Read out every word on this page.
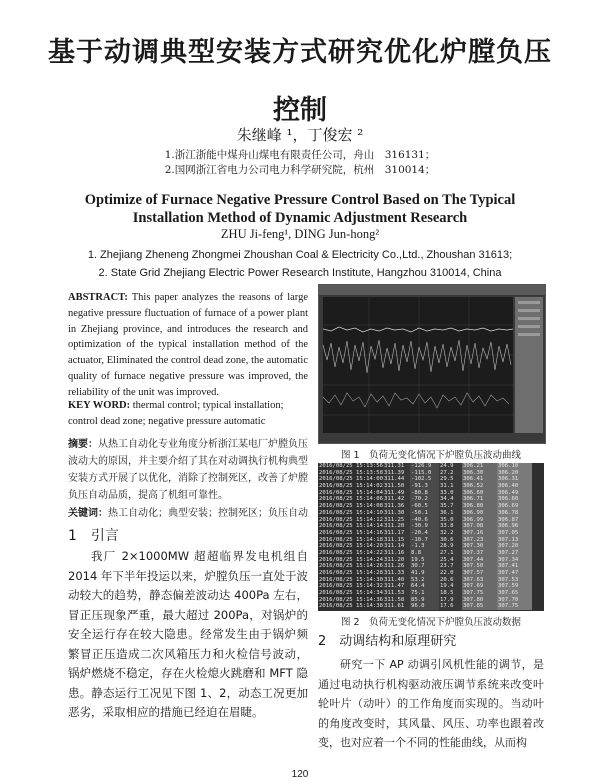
基于动调典型安装方式研究优化炉膛负压
控制
朱继峰 ¹，丁俊宏 ²
1.浙江浙能中煤舟山煤电有限责任公司，舟山　316131；
2.国网浙江省电力公司电力科学研究院，杭州　310014；
Optimize of Furnace Negative Pressure Control Based on The Typical
Installation Method of Dynamic Adjustment Research
ZHU Ji-feng¹, DING Jun-hong²
1. Zhejiang Zheneng Zhongmei Zhoushan Coal & Electricity Co.,Ltd., Zhoushan 31613;
2. State Grid Zhejiang Electric Power Research Institute, Hangzhou 310014, China
ABSTRACT: This paper analyzes the reasons of large negative pressure fluctuation of furnace of a power plant in Zhejiang province, and introduces the research and optimization of the typical installation method of the actuator, Eliminated the control dead zone, the automatic quality of furnace negative pressure was improved, the reliability of the unit was improved.
KEY WORD: thermal control; typical installation; control dead zone; negative pressure automatic
摘要：从热工自动化专业角度分析浙江某电厂炉膛负压波动大的原因，并主要介绍了其在对动调执行机构典型安装方式开展了以优化，消除了控制死区，改善了炉膛负压自动品质，提高了机组可靠性。
关键词：热工自动化；典型安装；控制死区；负压自动
1　引言
我厂 2×1000MW 超超临界发电机组自 2014 年下半年投运以来，炉膛负压一直处于波动较大的趋势，静态偏差波动达 400Pa 左右，冒正压现象严重，最大超过 200Pa，对锅炉的安全运行存在较大隐患。经常发生由于锅炉频繁冒正压造成二次风箱压力和火检信号波动，锅炉燃烧不稳定，存在火检熄火跳磨和 MFT 隐患。静态运行工况见下图 1、2，动态工况更加恶劣，采取相应的措施已经迫在眉睫。
图 1　负荷无变化情况下炉膛负压波动曲线
2016/08/25 15:13:56 311.31	-126.9	24.9	306.21	306.10
2016/08/25 15:13:58 311.39	-115.0	27.2	306.30	306.20
2016/08/25 15:14:00 311.44	-102.5	29.5	306.41	306.31
2016/08/25 15:14:02 311.50	-91.3	31.1	306.52	306.40
2016/08/25 15:14:04 311.49	-80.8	33.0	306.60	306.49
2016/08/25 15:14:06 311.42	-70.2	34.4	306.71	306.60
2016/08/25 15:14:08 311.36	-60.5	35.7	306.80	306.69
2016/08/25 15:14:10 311.30	-50.1	36.1	306.90	306.78
2016/08/25 15:14:12 311.25	-40.6	35.0	306.99	306.87
2016/08/25 15:14:14 311.20	-30.9	33.8	307.08	306.96
2016/08/25 15:14:16 311.17	-20.4	32.2	307.16	307.05
2016/08/25 15:14:18 311.15	-10.7	30.6	307.23	307.13
2016/08/25 15:14:20 311.14	-1.3	28.9	307.30	307.20
2016/08/25 15:14:22 311.16	8.8	27.1	307.37	307.27
2016/08/25 15:14:24 311.20	19.5	25.4	307.44	307.34
2016/08/25 15:14:26 311.26	30.7	23.7	307.50	307.41
2016/08/25 15:14:28 311.33	41.9	22.0	307.57	307.47
2016/08/25 15:14:30 311.40	53.2	20.6	307.63	307.53
2016/08/25 15:14:32 311.47	64.4	19.4	307.69	307.59
2016/08/25 15:14:34 311.53	75.1	18.5	307.75	307.65
2016/08/25 15:14:36 311.58	85.9	17.9	307.80	307.70
2016/08/25 15:14:38 311.61	96.0	17.6	307.85	307.75
图 2　负荷无变化情况下炉膛负压波动数据
2　动调结构和原理研究
研究一下 AP 动调引风机性能的调节，是通过电动执行机构驱动液压调节系统来改变叶轮叶片（动叶）的工作角度而实现的。当动叶的角度改变时，其风量、风压、功率也跟着改变，也对应着一个不同的性能曲线，从而构
120
